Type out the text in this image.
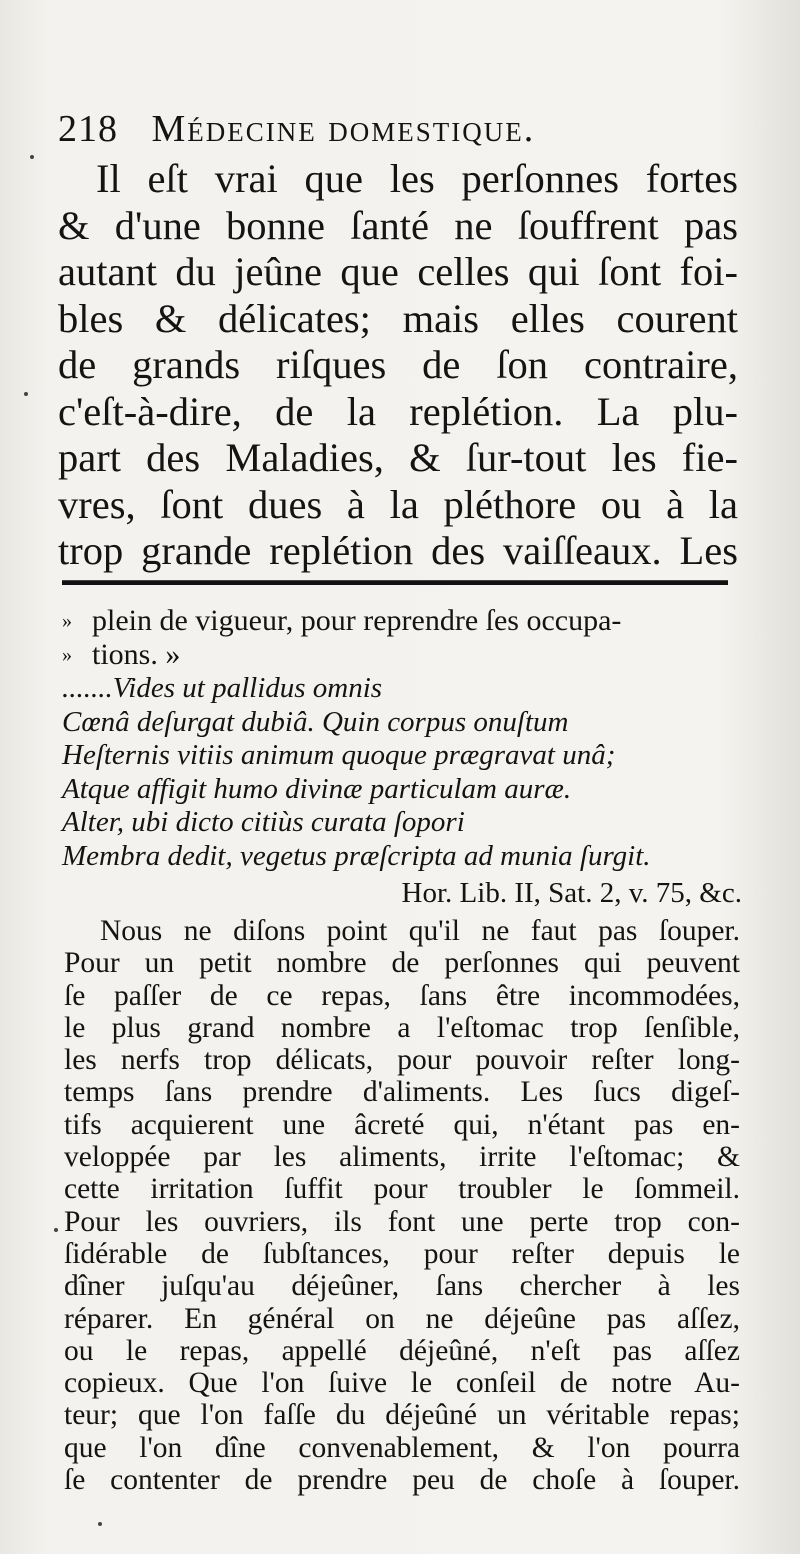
218 Médecine domestique.
Il eſt vrai que les perſonnes fortes
& d'une bonne ſanté ne ſouffrent pas
autant du jeûne que celles qui ſont foi-
bles & délicates; mais elles courent
de grands riſques de ſon contraire,
c'eſt-à-dire, de la replétion. La plu-
part des Maladies, & ſur-tout les fie-
vres, ſont dues à la pléthore ou à la
trop grande replétion des vaiſſeaux. Les
» plein de vigueur, pour reprendre ſes occupa-
» tions. »
.......Vides ut pallidus omnis
Cœnâ deſurgat dubiâ. Quin corpus onuſtum
Heſternis vitiis animum quoque prægravat unâ;
Atque affigit humo divinæ particulam auræ.
Alter, ubi dicto citiùs curata ſopori
Membra dedit, vegetus præſcripta ad munia ſurgit.
Hor. Lib. II, Sat. 2, v. 75, &c.
Nous ne diſons point qu'il ne faut pas ſouper.
Pour un petit nombre de perſonnes qui peuvent
ſe paſſer de ce repas, ſans être incommodées,
le plus grand nombre a l'eſtomac trop ſenſible,
les nerfs trop délicats, pour pouvoir reſter long-
temps ſans prendre d'aliments. Les ſucs digeſ-
tifs acquierent une âcreté qui, n'étant pas en-
veloppée par les aliments, irrite l'eſtomac; &
cette irritation ſuffit pour troubler le ſommeil.
Pour les ouvriers, ils font une perte trop con-
ſidérable de ſubſtances, pour reſter depuis le
dîner juſqu'au déjeûner, ſans chercher à les
réparer. En général on ne déjeûne pas aſſez,
ou le repas, appellé déjeûné, n'eſt pas aſſez
copieux. Que l'on ſuive le conſeil de notre Au-
teur; que l'on faſſe du déjeûné un véritable repas;
que l'on dîne convenablement, & l'on pourra
ſe contenter de prendre peu de choſe à ſouper.
